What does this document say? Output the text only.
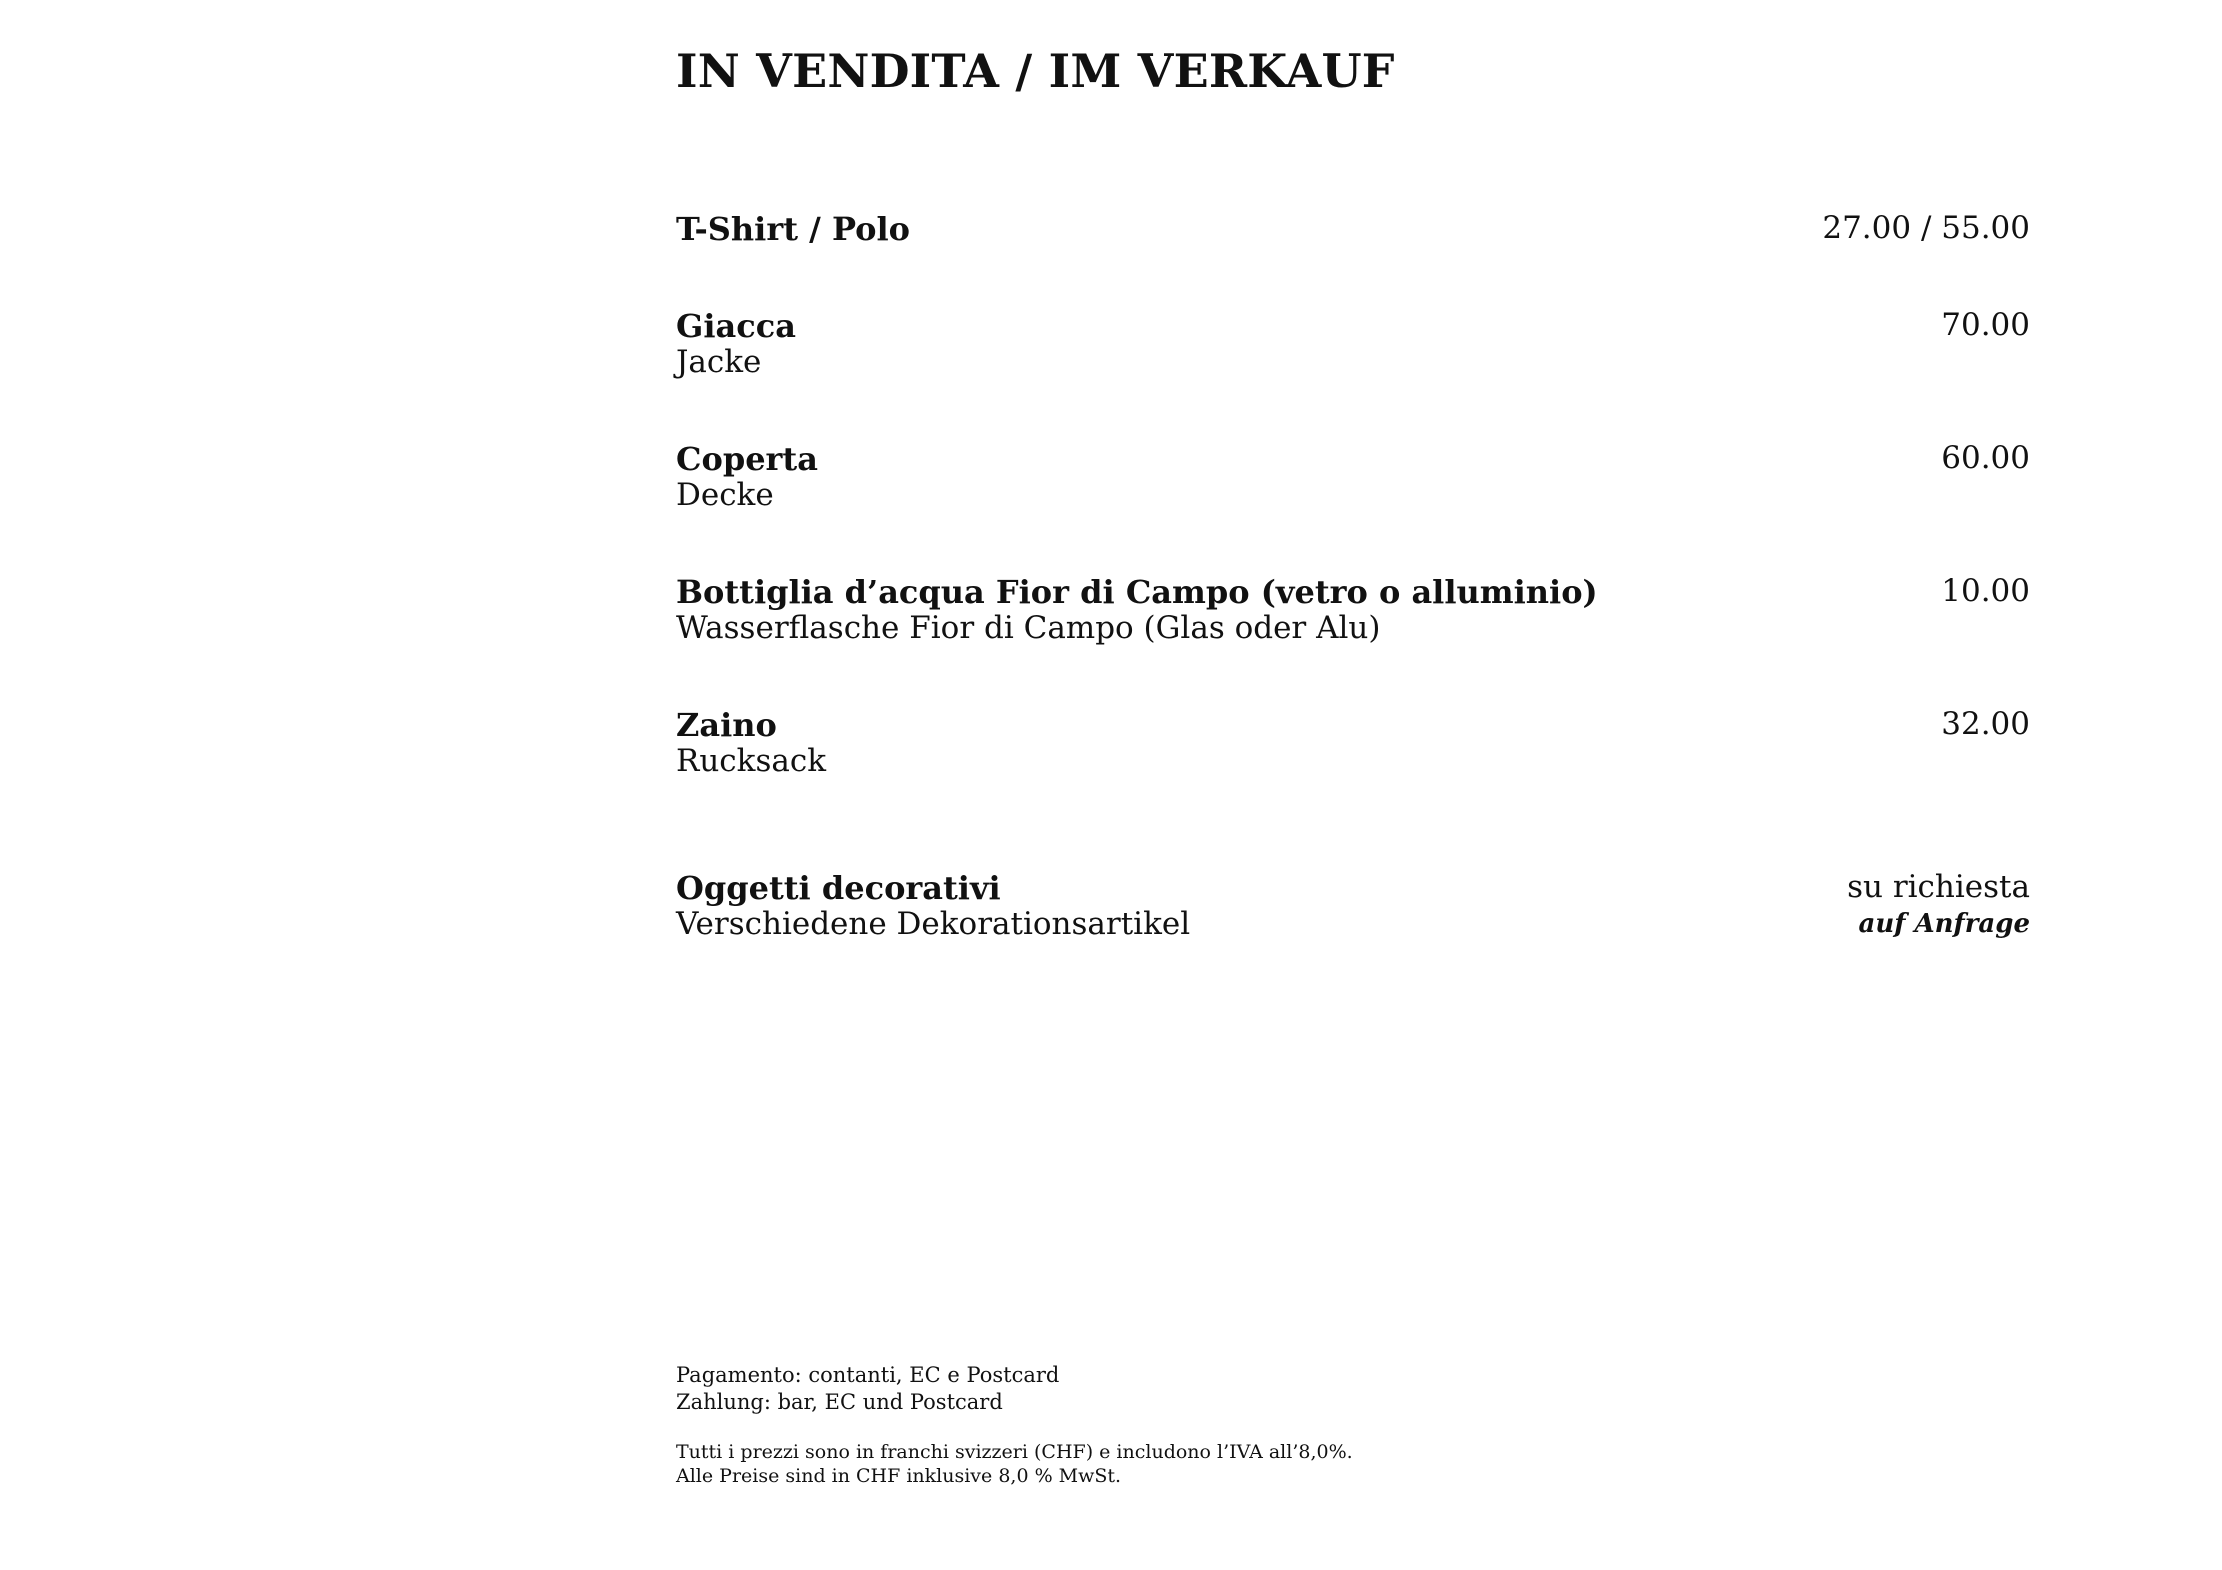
IN VENDITA / IM VERKAUF
T-Shirt / Polo	27.00 / 55.00
Giacca
Jacke
70.00
Coperta
Decke
60.00
Bottiglia d’acqua Fior di Campo (vetro o alluminio)
Wasserflasche Fior di Campo (Glas oder Alu)
10.00
Zaino
Rucksack
32.00
Oggetti decorativi
Verschiedene Dekorationsartikel
su richiesta
auf Anfrage
Pagamento: contanti, EC e Postcard
Zahlung: bar, EC und Postcard
Tutti i prezzi sono in franchi svizzeri (CHF) e includono l’IVA all’8,0%.
Alle Preise sind in CHF inklusive 8,0 % MwSt.
